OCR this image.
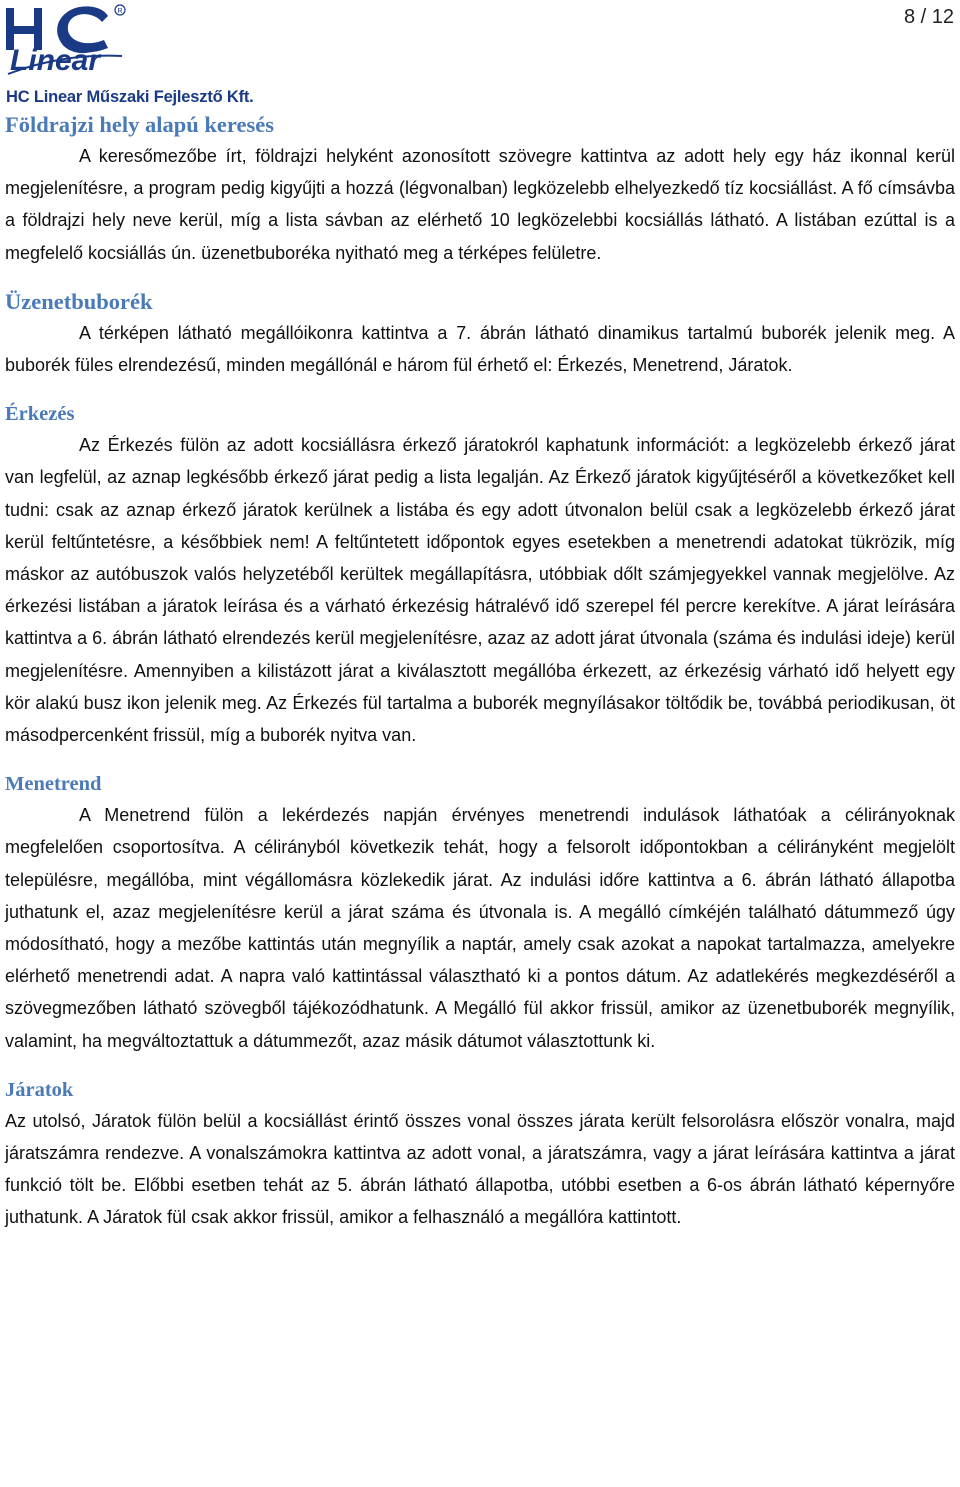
8 / 12
R
Linear
HC Linear Műszaki Fejlesztő Kft.
Földrajzi hely alapú keresés

A keresőmezőbe írt, földrajzi helyként azonosított szövegre kattintva az adott hely egy ház ikonnal kerül megjelenítésre, a program pedig kigyűjti a hozzá (légvonalban) legközelebb elhelyezkedő tíz kocsiállást. A fő címsávba a földrajzi hely neve kerül, míg a lista sávban az elérhető 10 legközelebbi kocsiállás látható. A listában ezúttal is a megfelelő kocsiállás ún. üzenetbuboréka nyitható meg a térképes felületre.

Üzenetbuborék

A térképen látható megállóikonra kattintva a 7. ábrán látható dinamikus tartalmú buborék jelenik meg. A buborék füles elrendezésű, minden megállónál e három fül érhető el: Érkezés, Menetrend, Járatok.

Érkezés

Az Érkezés fülön az adott kocsiállásra érkező járatokról kaphatunk információt: a legközelebb érkező járat van legfelül, az aznap legkésőbb érkező járat pedig a lista legalján. Az Érkező járatok kigyűjtéséről a következőket kell tudni: csak az aznap érkező járatok kerülnek a listába és egy adott útvonalon belül csak a legközelebb érkező járat kerül feltűntetésre, a későbbiek nem! A feltűntetett időpontok egyes esetekben a menetrendi adatokat tükrözik, míg máskor az autóbuszok valós helyzetéből kerültek megállapításra, utóbbiak dőlt számjegyekkel vannak megjelölve. Az érkezési listában a járatok leírása és a várható érkezésig hátralévő idő szerepel fél percre kerekítve. A járat leírására kattintva a 6. ábrán látható elrendezés kerül megjelenítésre, azaz az adott járat útvonala (száma és indulási ideje) kerül megjelenítésre. Amennyiben a kilistázott járat a kiválasztott megállóba érkezett, az érkezésig várható idő helyett egy kör alakú busz ikon jelenik meg. Az Érkezés fül tartalma a buborék megnyílásakor töltődik be, továbbá periodikusan, öt másodpercenként frissül, míg a buborék nyitva van.

Menetrend

A Menetrend fülön a lekérdezés napján érvényes menetrendi indulások láthatóak a célirányoknak megfelelően csoportosítva. A célirányból következik tehát, hogy a felsorolt időpontokban a célirányként megjelölt településre, megállóba, mint végállomásra közlekedik járat. Az indulási időre kattintva a 6. ábrán látható állapotba juthatunk el, azaz megjelenítésre kerül a járat száma és útvonala is. A megálló címkéjén található dátummező úgy módosítható, hogy a mezőbe kattintás után megnyílik a naptár, amely csak azokat a napokat tartalmazza, amelyekre elérhető menetrendi adat. A napra való kattintással választható ki a pontos dátum. Az adatlekérés megkezdéséről a szövegmezőben látható szövegből tájékozódhatunk. A Megálló fül akkor frissül, amikor az üzenetbuborék megnyílik, valamint, ha megváltoztattuk a dátummezőt, azaz másik dátumot választottunk ki.

Járatok

Az utolsó, Járatok fülön belül a kocsiállást érintő összes vonal összes járata került felsorolásra először vonalra, majd járatszámra rendezve. A vonalszámokra kattintva az adott vonal, a járatszámra, vagy a járat leírására kattintva a járat funkció tölt be. Előbbi esetben tehát az 5. ábrán látható állapotba, utóbbi esetben a 6-os ábrán látható képernyőre juthatunk. A Járatok fül csak akkor frissül, amikor a felhasználó a megállóra kattintott.
